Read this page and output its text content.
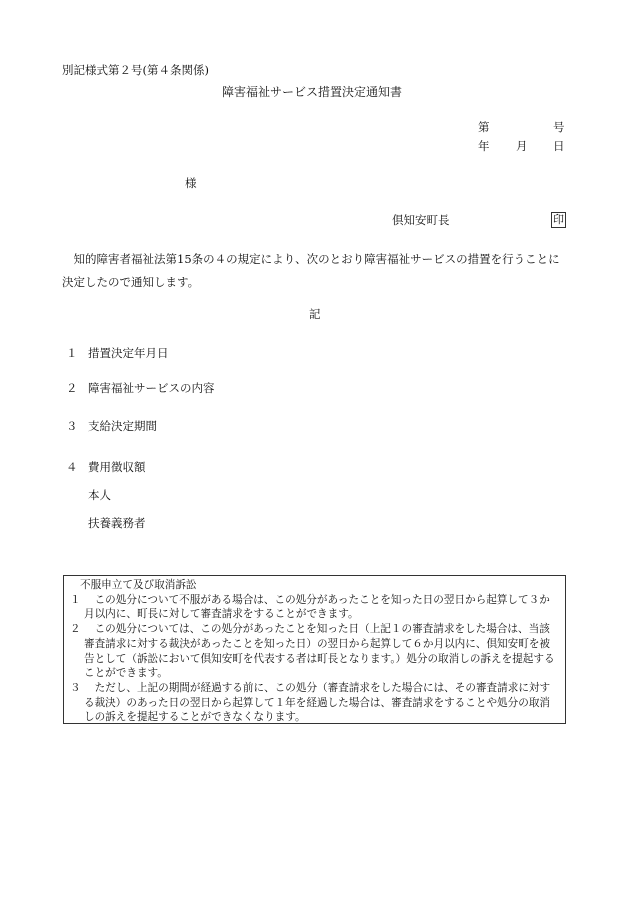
別記様式第２号(第４条関係)
障害福祉サービス措置決定通知書
第	号
年 月 日
様
倶知安町長	印

知的障害者福祉法第15条の４の規定により、次のとおり障害福祉サービスの措置を行うことに決定したので通知します。

記
１ 措置決定年月日
２ 障害福祉サービスの内容
３ 支給決定期間
４ 費用徴収額
本人
扶養義務者
不服申立て及び取消訴訟
１	この処分について不服がある場合は、この処分があったことを知った日の翌日から起算して３か月以内に、町長に対して審査請求をすることができます。
２	この処分については、この処分があったことを知った日（上記１の審査請求をした場合は、当該審査請求に対する裁決があったことを知った日）の翌日から起算して６か月以内に、倶知安町を被告として（訴訟において倶知安町を代表する者は町長となります。）処分の取消しの訴えを提起することができます。
３	ただし、上記の期間が経過する前に、この処分（審査請求をした場合には、その審査請求に対する裁決）のあった日の翌日から起算して１年を経過した場合は、審査請求をすることや処分の取消しの訴えを提起することができなくなります。
